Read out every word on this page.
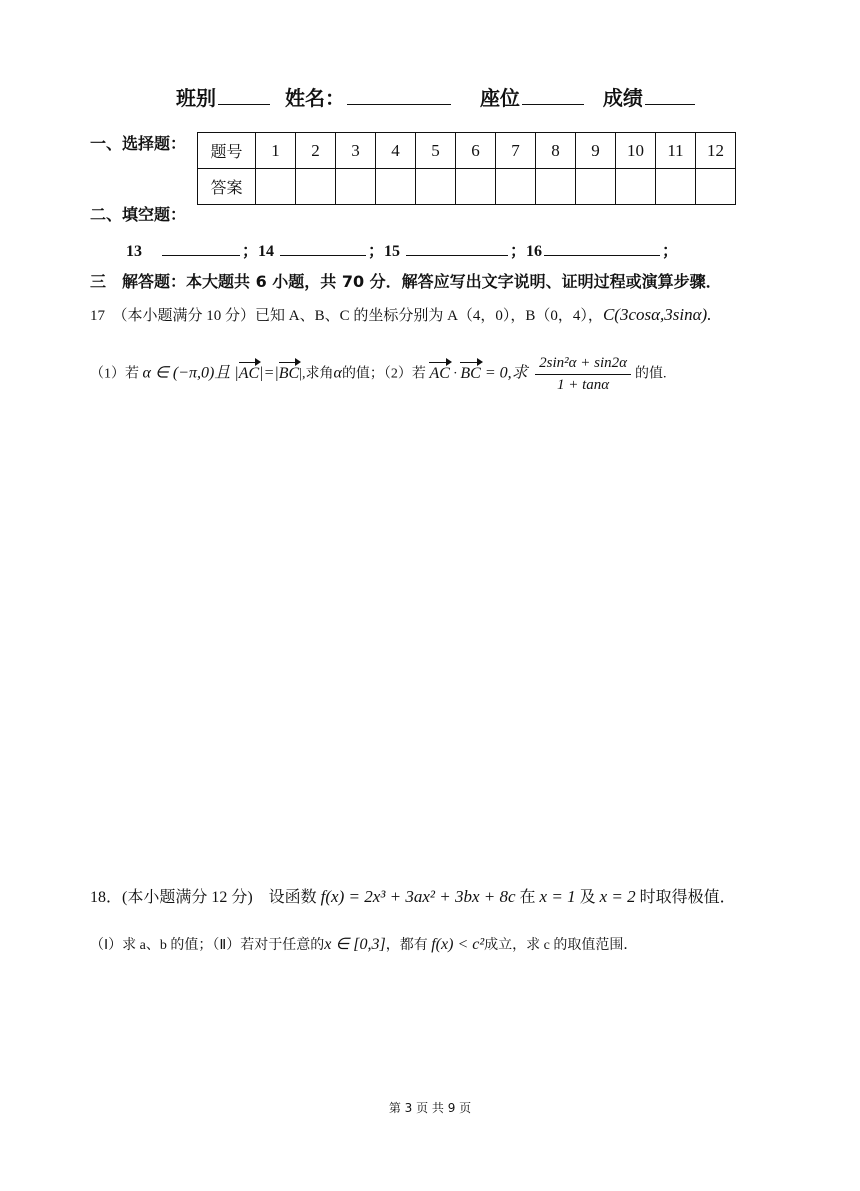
班别	姓名：	座位	成绩
一、选择题： 题号	1	2	3	4	5	6	7	8	9	10	11	12
答案												
二、填空题：
13	；14	；15	；16	；
三　解答题：本大题共 6 小题，共 70 分．解答应写出文字说明、证明过程或演算步骤．
17　（本小题满分 10 分）已知 A、B、C 的坐标分别为 A（4，0），B（0，4），C(3cosα,3sinα).
（1）若 α ∈ (−π,0)且 |AC|=|BC|,求角α的值；（2）若 AC · BC = 0,求 $\frac{\text{2sin²α + sin2α}}{1 + \tan\alpha}$ 的值.
18．(本小题满分 12 分)　设函数 f(x) = 2x³ + 3ax² + 3bx + 8c 在 x = 1 及 x = 2 时取得极值．
（Ⅰ）求 a、b 的值；（Ⅱ）若对于任意的x ∈ [0,3]，都有 f(x) < c²成立，求 c 的取值范围．
第 3 页 共 9 页
